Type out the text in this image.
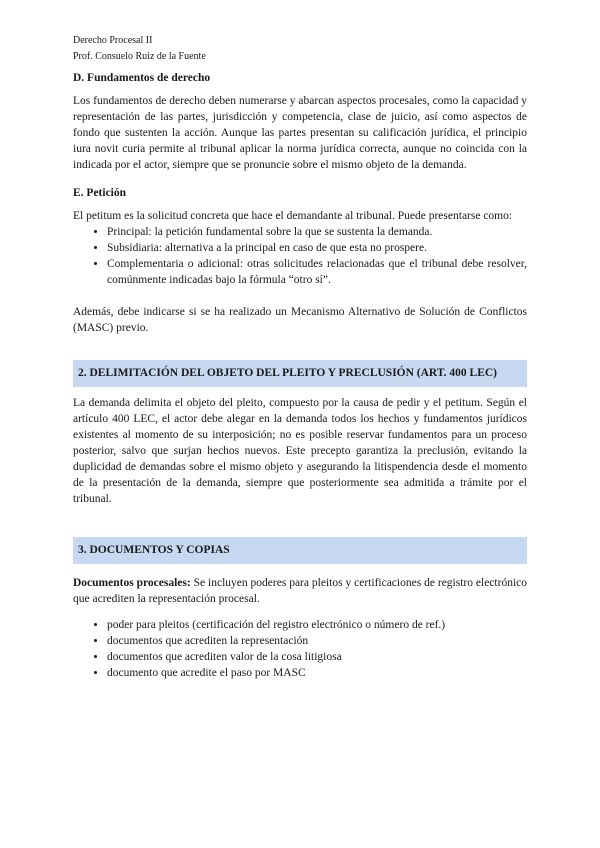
Derecho Procesal II
Prof. Consuelo Ruiz de la Fuente
D. Fundamentos de derecho

Los fundamentos de derecho deben numerarse y abarcan aspectos procesales, como la capacidad y representación de las partes, jurisdicción y competencia, clase de juicio, así como aspectos de fondo que sustenten la acción. Aunque las partes presentan su calificación jurídica, el principio iura novit curia permite al tribunal aplicar la norma jurídica correcta, aunque no coincida con la indicada por el actor, siempre que se pronuncie sobre el mismo objeto de la demanda.

E. Petición

El petitum es la solicitud concreta que hace el demandante al tribunal. Puede presentarse como:

• Principal: la petición fundamental sobre la que se sustenta la demanda.
• Subsidiaria: alternativa a la principal en caso de que esta no prospere.
• Complementaria o adicional: otras solicitudes relacionadas que el tribunal debe resolver, comúnmente indicadas bajo la fórmula “otro sí”.

Además, debe indicarse si se ha realizado un Mecanismo Alternativo de Solución de Conflictos (MASC) previo.

2. DELIMITACIÓN DEL OBJETO DEL PLEITO Y PRECLUSIÓN (ART. 400 LEC)

La demanda delimita el objeto del pleito, compuesto por la causa de pedir y el petitum. Según el artículo 400 LEC, el actor debe alegar en la demanda todos los hechos y fundamentos jurídicos existentes al momento de su interposición; no es posible reservar fundamentos para un proceso posterior, salvo que surjan hechos nuevos. Este precepto garantiza la preclusión, evitando la duplicidad de demandas sobre el mismo objeto y asegurando la litispendencia desde el momento de la presentación de la demanda, siempre que posteriormente sea admitida a trámite por el tribunal.

3. DOCUMENTOS Y COPIAS

Documentos procesales: Se incluyen poderes para pleitos y certificaciones de registro electrónico que acrediten la representación procesal.

• poder para pleitos (certificación del registro electrónico o número de ref.)
• documentos que acrediten la representación
• documentos que acrediten valor de la cosa litigiosa
• documento que acredite el paso por MASC
